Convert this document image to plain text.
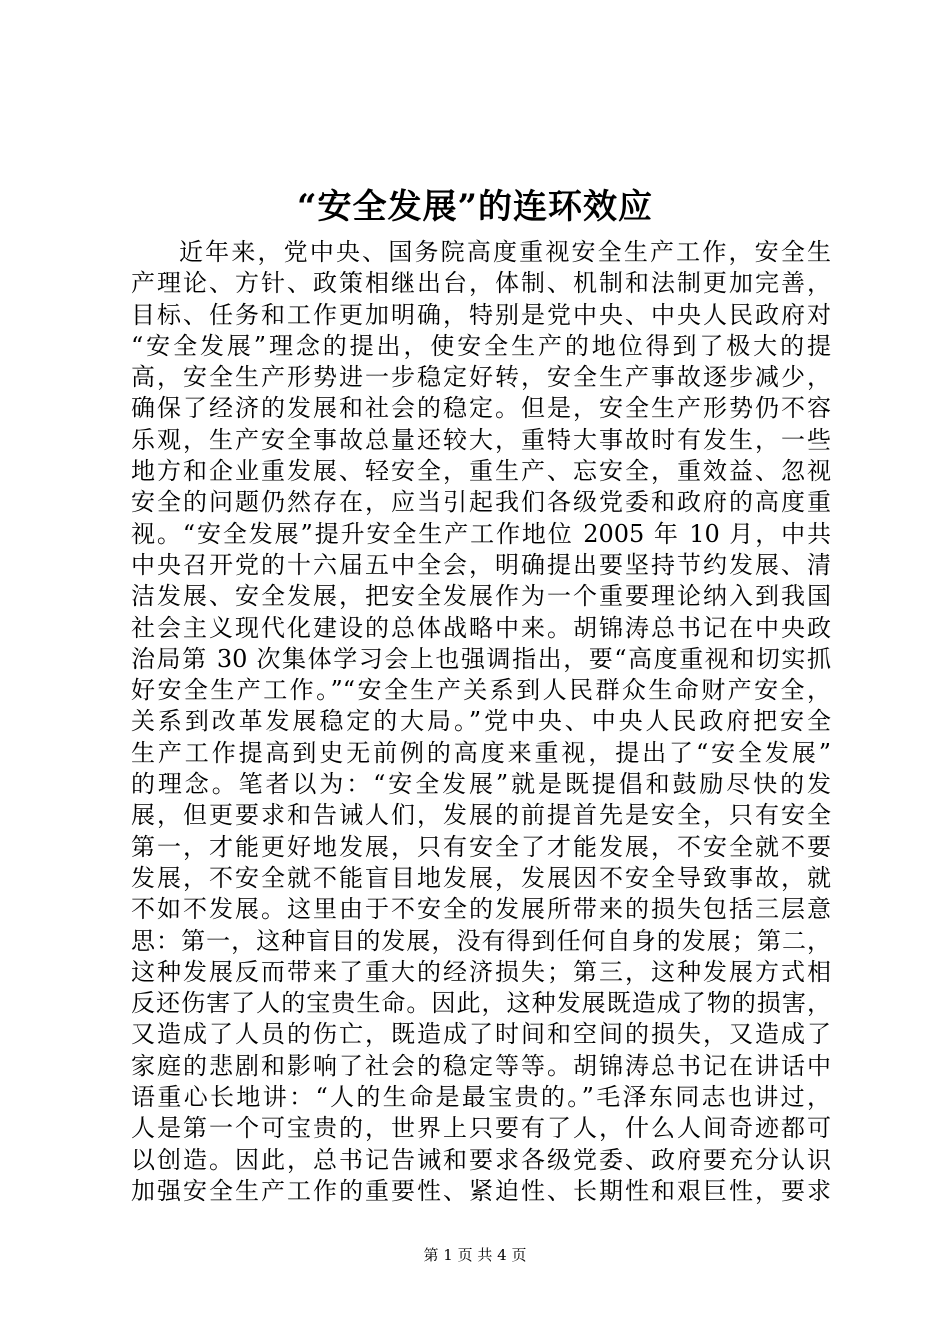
“安全发展”的连环效应
近年来，党中央、国务院高度重视安全生产工作，安全生
产理论、方针、政策相继出台，体制、机制和法制更加完善，
目标、任务和工作更加明确，特别是党中央、中央人民政府对
“安全发展”理念的提出，使安全生产的地位得到了极大的提
高，安全生产形势进一步稳定好转，安全生产事故逐步减少，
确保了经济的发展和社会的稳定。但是，安全生产形势仍不容
乐观，生产安全事故总量还较大，重特大事故时有发生，一些
地方和企业重发展、轻安全，重生产、忘安全，重效益、忽视
安全的问题仍然存在，应当引起我们各级党委和政府的高度重
视。“安全发展”提升安全生产工作地位 2005 年 10 月，中共
中央召开党的十六届五中全会，明确提出要坚持节约发展、清
洁发展、安全发展，把安全发展作为一个重要理论纳入到我国
社会主义现代化建设的总体战略中来。胡锦涛总书记在中央政
治局第 30 次集体学习会上也强调指出，要“高度重视和切实抓
好安全生产工作。”“安全生产关系到人民群众生命财产安全，
关系到改革发展稳定的大局。”党中央、中央人民政府把安全
生产工作提高到史无前例的高度来重视，提出了“安全发展”
的理念。笔者以为：“安全发展”就是既提倡和鼓励尽快的发
展，但更要求和告诫人们，发展的前提首先是安全，只有安全
第一，才能更好地发展，只有安全了才能发展，不安全就不要
发展，不安全就不能盲目地发展，发展因不安全导致事故，就
不如不发展。这里由于不安全的发展所带来的损失包括三层意
思：第一，这种盲目的发展，没有得到任何自身的发展；第二，
这种发展反而带来了重大的经济损失；第三，这种发展方式相
反还伤害了人的宝贵生命。因此，这种发展既造成了物的损害，
又造成了人员的伤亡，既造成了时间和空间的损失，又造成了
家庭的悲剧和影响了社会的稳定等等。胡锦涛总书记在讲话中
语重心长地讲：“人的生命是最宝贵的。”毛泽东同志也讲过，
人是第一个可宝贵的，世界上只要有了人，什么人间奇迹都可
以创造。因此，总书记告诫和要求各级党委、政府要充分认识
加强安全生产工作的重要性、紧迫性、长期性和艰巨性，要求
第 1 页 共 4 页
